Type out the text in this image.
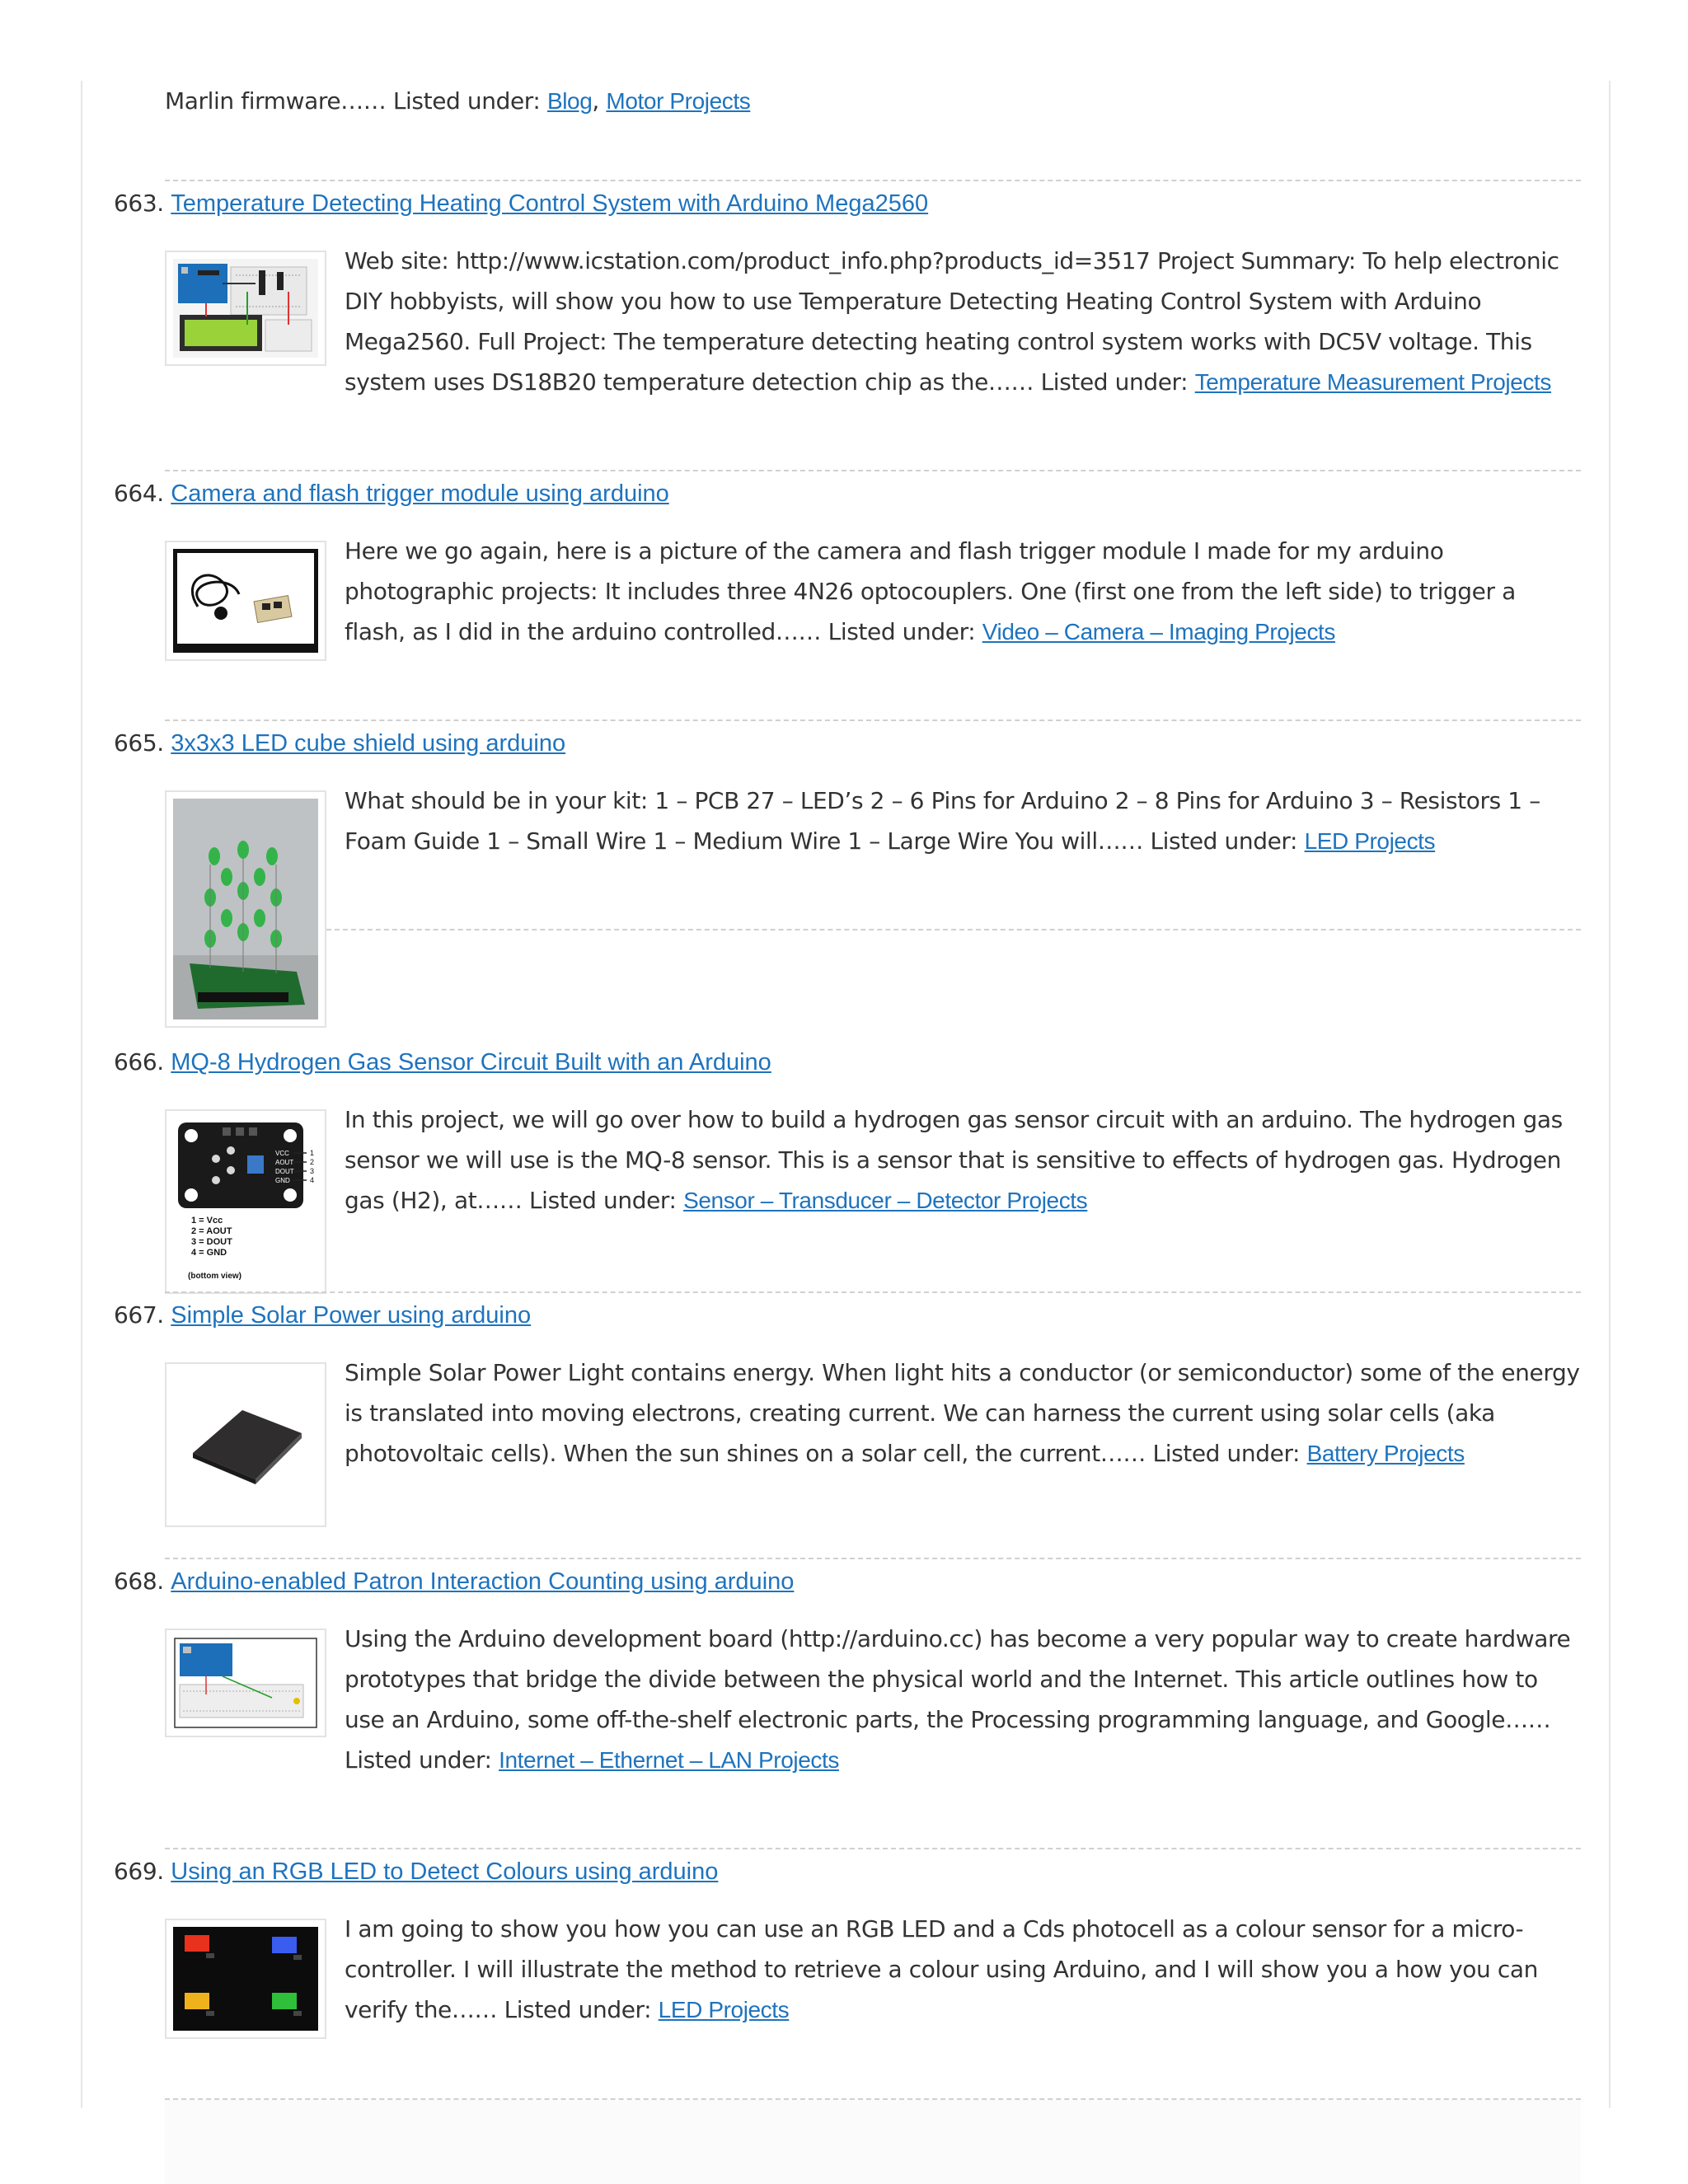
Marlin firmware…… Listed under: Blog, Motor Projects

663. Temperature Detecting Heating Control System with Arduino Mega2560

Web site: http://www.icstation.com/product_info.php?products_id=3517 Project Summary: To help electronic DIY hobbyists, will show you how to use Temperature Detecting Heating Control System with Arduino Mega2560. Full Project: The temperature detecting heating control system works with DC5V voltage. This system uses DS18B20 temperature detection chip as the…… Listed under: Temperature Measurement Projects

664. Camera and flash trigger module using arduino

Here we go again, here is a picture of the camera and flash trigger module I made for my arduino photographic projects: It includes three 4N26 optocouplers. One (first one from the left side) to trigger a flash, as I did in the arduino controlled…… Listed under: Video – Camera – Imaging Projects

665. 3x3x3 LED cube shield using arduino

What should be in your kit: 1 – PCB 27 – LED’s 2 – 6 Pins for Arduino 2 – 8 Pins for Arduino 3 – Resistors 1 – Foam Guide 1 – Small Wire 1 – Medium Wire 1 – Large Wire You will…… Listed under: LED Projects

666. MQ-8 Hydrogen Gas Sensor Circuit Built with an Arduino
VCC
AOUT
DOUT
GND
1
2
3
4
1 = Vcc
2 = AOUT
3 = DOUT
4 = GND
(bottom view)

In this project, we will go over how to build a hydrogen gas sensor circuit with an arduino. The hydrogen gas sensor we will use is the MQ-8 sensor. This is a sensor that is sensitive to effects of hydrogen gas. Hydrogen gas (H2), at…… Listed under: Sensor – Transducer – Detector Projects

667. Simple Solar Power using arduino

Simple Solar Power Light contains energy. When light hits a conductor (or semiconductor) some of the energy is translated into moving electrons, creating current. We can harness the current using solar cells (aka photovoltaic cells). When the sun shines on a solar cell, the current…… Listed under: Battery Projects

668. Arduino-enabled Patron Interaction Counting using arduino

Using the Arduino development board (http://arduino.cc) has become a very popular way to create hardware prototypes that bridge the divide between the physical world and the Internet. This article outlines how to use an Arduino, some off-the-shelf electronic parts, the Processing programming language, and Google…… Listed under: Internet – Ethernet – LAN Projects

669. Using an RGB LED to Detect Colours using arduino

I am going to show you how you can use an RGB LED and a Cds photocell as a colour sensor for a micro-controller. I will illustrate the method to retrieve a colour using Arduino, and I will show you a how you can verify the…… Listed under: LED Projects
